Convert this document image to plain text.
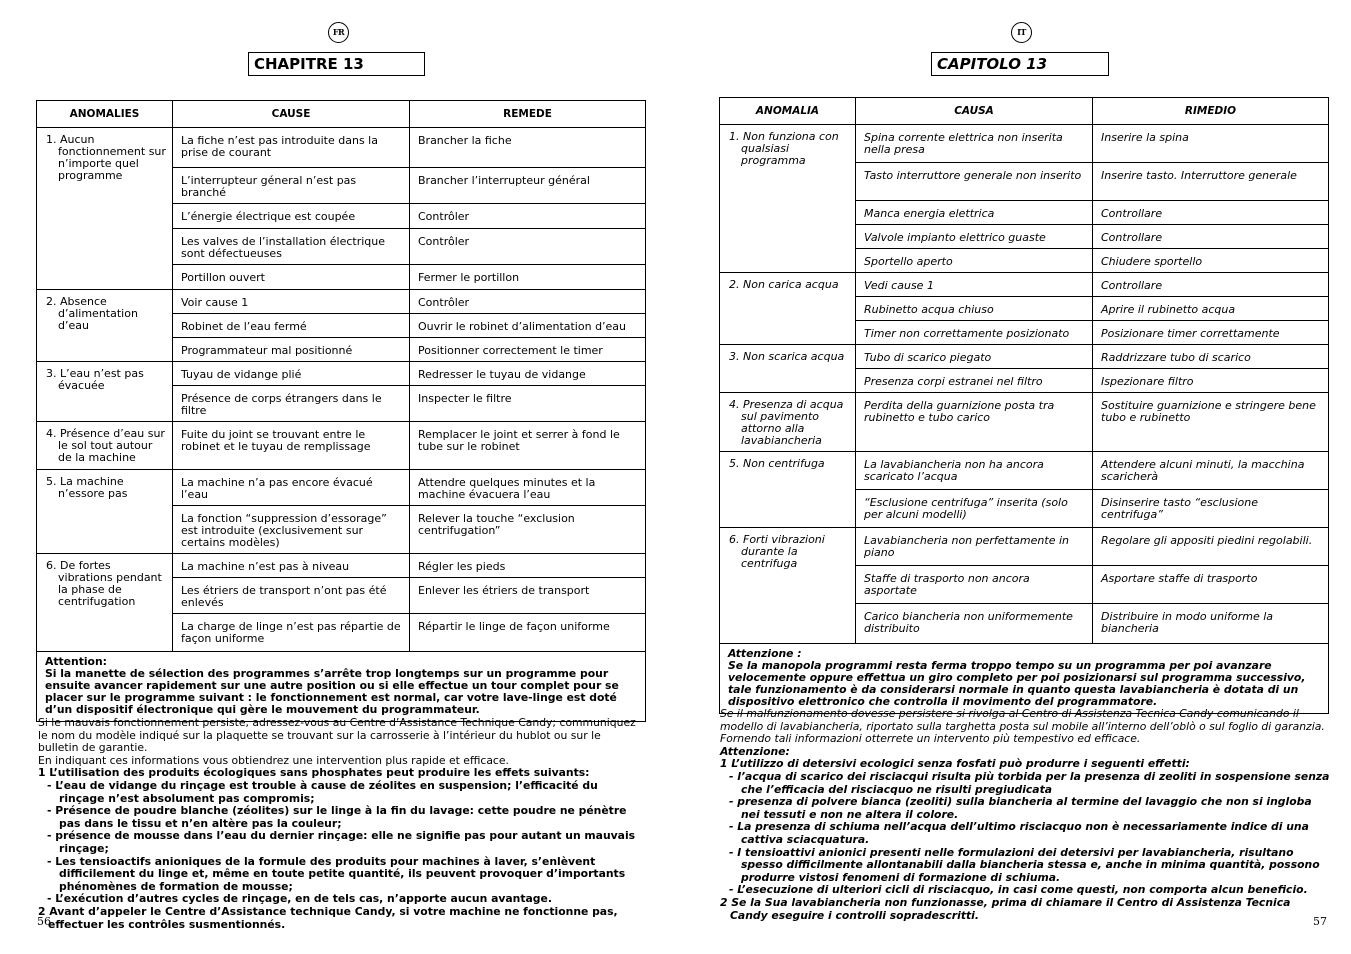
FR
CHAPITRE 13
ANOMALIES	CAUSE	REMEDE

1. Aucun fonctionnement sur n’importe quel programme	La fiche n’est pas introduite dans la prise de courant	Brancher la fiche

	L’interrupteur géneral n’est pas branché	Brancher l’interrupteur général

	L’énergie électrique est coupée	Contrôler

	Les valves de l’installation électrique sont défectueuses	Contrôler

	Portillon ouvert	Fermer le portillon

2. Absence d’alimentation d’eau	Voir cause 1	Contrôler

	Robinet de l’eau fermé	Ouvrir le robinet d’alimentation d’eau

	Programmateur mal positionné	Positionner correctement le timer

3. L’eau n’est pas évacuée	Tuyau de vidange plié	Redresser le tuyau de vidange

	Présence de corps étrangers dans le filtre	Inspecter le filtre

4. Présence d’eau sur le sol tout autour de la machine	Fuite du joint se trouvant entre le robinet et le tuyau de remplissage	Remplacer le joint et serrer à fond le tube sur le robinet

5. La machine n’essore pas	La machine n’a pas encore évacué l’eau	Attendre quelques minutes et la machine évacuera l’eau

	La fonction “suppression d’essorage” est introduite (exclusivement sur certains modèles)	Relever la touche “exclusion centrifugation”

6. De fortes vibrations pendant la phase de centrifugation	La machine n’est pas à niveau	Régler les pieds

	Les étriers de transport n’ont pas été enlevés	Enlever les étriers de transport

	La charge de linge n’est pas répartie de façon uniforme	Répartir le linge de façon uniforme

Attention:
Si la manette de sélection des programmes s’arrête trop longtemps sur un programme pour ensuite avancer rapidement sur une autre position ou si elle effectue un tour complet pour se placer sur le programme suivant : le fonctionnement est normal, car votre lave-linge est doté d’un dispositif électronique qui gère le mouvement du programmateur.		

Si le mauvais fonctionnement persiste, adressez-vous au Centre d’Assistance Technique Candy; communiquez le nom du modèle indiqué sur la plaquette se trouvant sur la carrosserie à l’intérieur du hublot ou sur le bulletin de garantie.

En indiquant ces informations vous obtiendrez une intervention plus rapide et efficace.

1 L’utilisation des produits écologiques sans phosphates peut produire les effets suivants:
- L’eau de vidange du rinçage est trouble à cause de zéolites en suspension; l’efficacité du rinçage n’est absolument pas compromis;
- Présence de poudre blanche (zéolites) sur le linge à la fin du lavage: cette poudre ne pénètre pas dans le tissu et n’en altère pas la couleur;
- présence de mousse dans l’eau du dernier rinçage: elle ne signifie pas pour autant un mauvais rinçage;
- Les tensioactifs anioniques de la formule des produits pour machines à laver, s’enlèvent difficilement du linge et, même en toute petite quantité, ils peuvent provoquer d’importants phénomènes de formation de mousse;
- L’exécution d’autres cycles de rinçage, en de tels cas, n’apporte aucun avantage.
2 Avant d’appeler le Centre d’Assistance technique Candy, si votre machine ne fonctionne pas, effectuer les contrôles susmentionnés.
56
IT
CAPITOLO 13
ANOMALIA	CAUSA	RIMEDIO

1. Non funziona con qualsiasi programma	Spina corrente elettrica non inserita nella presa	Inserire la spina

	Tasto interruttore generale non inserito	Inserire tasto. Interruttore generale

	Manca energia elettrica	Controllare

	Valvole impianto elettrico guaste	Controllare

	Sportello aperto	Chiudere sportello

2. Non carica acqua	Vedi cause 1	Controllare

	Rubinetto acqua chiuso	Aprire il rubinetto acqua

	Timer non correttamente posizionato	Posizionare timer correttamente

3. Non scarica acqua	Tubo di scarico piegato	Raddrizzare tubo di scarico

	Presenza corpi estranei nel filtro	Ispezionare filtro

4. Presenza di acqua sul pavimento attorno alla lavabiancheria	Perdita della guarnizione posta tra rubinetto e tubo carico	Sostituire guarnizione e stringere bene tubo e rubinetto

5. Non centrifuga	La lavabiancheria non ha ancora scaricato l’acqua	Attendere alcuni minuti, la macchina scaricherà

	“Esclusione centrifuga” inserita (solo per alcuni modelli)	Disinserire tasto “esclusione centrifuga”

6. Forti vibrazioni durante la centrifuga	Lavabiancheria non perfettamente in piano	Regolare gli appositi piedini regolabili.

	Staffe di trasporto non ancora asportate	Asportare staffe di trasporto

	Carico biancheria non uniformemente distribuito	Distribuire in modo uniforme la biancheria

Attenzione :
Se la manopola programmi resta ferma troppo tempo su un programma per poi avanzare velocemente oppure effettua un giro completo per poi posizionarsi sul programma successivo, tale funzionamento è da considerarsi normale in quanto questa lavabiancheria è dotata di un dispositivo elettronico che controlla il movimento del programmatore.		

Se il malfunzionamento dovesse persistere si rivolga al Centro di Assistenza Tecnica Candy comunicando il modello di lavabiancheria, riportato sulla targhetta posta sul mobile all’interno dell’oblò o sul foglio di garanzia. Fornendo tali informazioni otterrete un intervento più tempestivo ed efficace.

Attenzione:

1 L’utilizzo di detersivi ecologici senza fosfati può produrre i seguenti effetti:
- l’acqua di scarico dei risciacqui risulta più torbida per la presenza di zeoliti in sospensione senza che l’efficacia del risciacquo ne risulti pregiudicata
- presenza di polvere bianca (zeoliti) sulla biancheria al termine del lavaggio che non si ingloba nei tessuti e non ne altera il colore.
- La presenza di schiuma nell’acqua dell’ultimo risciacquo non è necessariamente indice di una cattiva sciacquatura.
- I tensioattivi anionici presenti nelle formulazioni dei detersivi per lavabiancheria, risultano spesso difficilmente allontanabili dalla biancheria stessa e, anche in minima quantità, possono produrre vistosi fenomeni di formazione di schiuma.
- L’esecuzione di ulteriori cicli di risciacquo, in casi come questi, non comporta alcun beneficio.
2 Se la Sua lavabiancheria non funzionasse, prima di chiamare il Centro di Assistenza Tecnica Candy eseguire i controlli sopradescritti.	57
